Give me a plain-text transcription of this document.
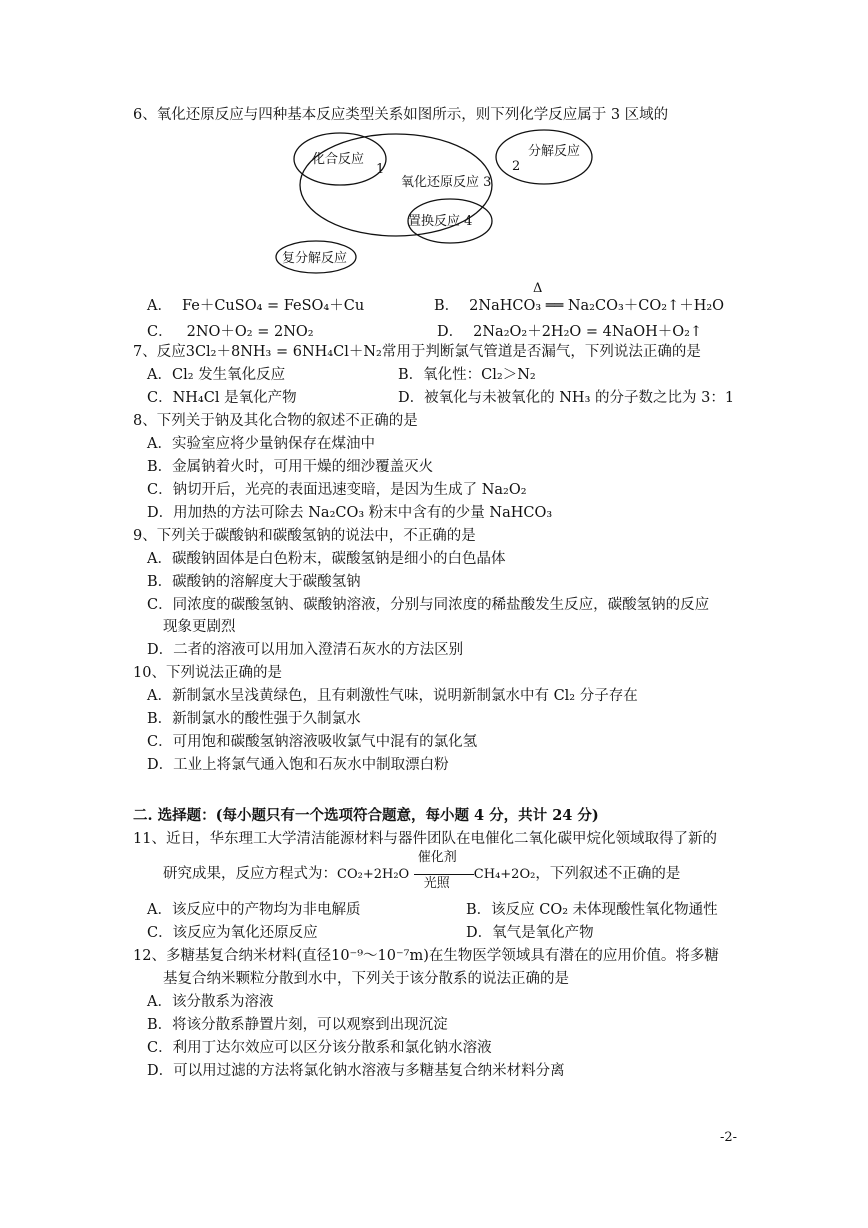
6、氧化还原反应与四种基本反应类型关系如图所示，则下列化学反应属于 3 区域的
化合反应
1
分解反应
2
氧化还原反应 3
置换反应 4
复分解反应
A． Fe＋CuSO₄ = FeSO₄＋Cu	B． 2NaHCO₃ ══ Na₂CO₃＋CO₂↑＋H₂O
Δ
C． 2NO＋O₂ = 2NO₂	D． 2Na₂O₂＋2H₂O = 4NaOH＋O₂↑
7、反应3Cl₂＋8NH₃ = 6NH₄Cl＋N₂常用于判断氯气管道是否漏气，下列说法正确的是
A．Cl₂ 发生氧化反应	B．氧化性：Cl₂＞N₂
C．NH₄Cl 是氧化产物	D．被氧化与未被氧化的 NH₃ 的分子数之比为 3：1
8、下列关于钠及其化合物的叙述不正确的是
A．实验室应将少量钠保存在煤油中
B．金属钠着火时，可用干燥的细沙覆盖灭火
C．钠切开后，光亮的表面迅速变暗，是因为生成了 Na₂O₂
D．用加热的方法可除去 Na₂CO₃ 粉末中含有的少量 NaHCO₃
9、下列关于碳酸钠和碳酸氢钠的说法中，不正确的是
A．碳酸钠固体是白色粉末，碳酸氢钠是细小的白色晶体
B．碳酸钠的溶解度大于碳酸氢钠
C．同浓度的碳酸氢钠、碳酸钠溶液，分别与同浓度的稀盐酸发生反应，碳酸氢钠的反应
现象更剧烈
D．二者的溶液可以用加入澄清石灰水的方法区别
10、下列说法正确的是
A．新制氯水呈浅黄绿色，且有刺激性气味，说明新制氯水中有 Cl₂ 分子存在
B．新制氯水的酸性强于久制氯水
C．可用饱和碳酸氢钠溶液吸收氯气中混有的氯化氢
D．工业上将氯气通入饱和石灰水中制取漂白粉
二. 选择题：(每小题只有一个选项符合题意，每小题 4 分，共计 24 分)
11、近日，华东理工大学清洁能源材料与器件团队在电催化二氧化碳甲烷化领域取得了新的
研究成果，反应方程式为：$CO_2+2H_2O \frac{\text{催化剂}}{\text{光照}} CH_4+2O_2$，下列叙述不正确的是
A．该反应中的产物均为非电解质	B．该反应 CO₂ 未体现酸性氧化物通性
C．该反应为氧化还原反应	D．氧气是氧化产物
12、多糖基复合纳米材料(直径10⁻⁹～10⁻⁷m)在生物医学领域具有潜在的应用价值。将多糖
基复合纳米颗粒分散到水中，下列关于该分散系的说法正确的是
A．该分散系为溶液
B．将该分散系静置片刻，可以观察到出现沉淀
C．利用丁达尔效应可以区分该分散系和氯化钠水溶液
D．可以用过滤的方法将氯化钠水溶液与多糖基复合纳米材料分离
-2-
